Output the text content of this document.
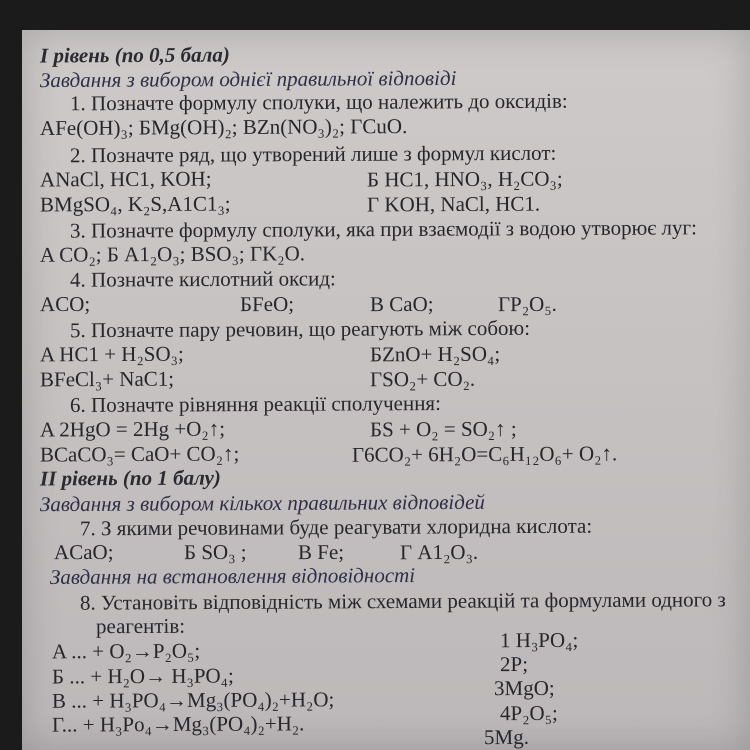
I рівень (по 0,5 бала)
Завдання з вибором однієї правильної відповіді
1. Позначте формулу сполуки, що належить до оксидів:
AFe(OH)₃; БMg(OH)₂; BZn(NO₃)₂; ГCuO.
2. Позначте ряд, що утворений лише з формул кислот:
ANaCl, HC1, KOH;	Б HC1, HNO₃, H₂CO₃;
BMgSO₄, K₂S,A1C1₃;	Г KOH, NaCl, HC1.
3. Позначте формулу сполуки, яка при взаємодії з водою утворює луг:
A CO₂; Б A1₂O₃; BSO₃; ГK₂O.
4. Позначте кислотний оксид:
ACO;	БFeO;	B CaO;	ГP₂O₅.
5. Позначте пару речовин, що реагують між собою:
A HC1 + H₂SO₃;	БZnO+ H₂SO₄;
BFeCl₃+ NaC1;	ГSO₂+ CO₂.
6. Позначте рівняння реакції сполучення:
A 2HgO = 2Hg +O₂↑;	БS + O₂ = SO₂↑ ;
BCaCO₃= CaO+ CO₂↑;	Г6CO₂+ 6H₂O=C₆H₁₂O₆+ O₂↑.
II рівень (по 1 балу)
Завдання з вибором кількох правильних відповідей
7. З якими речовинами буде реагувати хлоридна кислота:
ACaO;	Б SO₃ ; B Fe;	Г A1₂O₃.
Завдання на встановлення відповідності
8. Установіть відповідність між схемами реакцій та формулами одного з
реагентів:
A ... + O₂→P₂O₅;
Б ... + H₂O→ H₃PO₄;
B ... + H₃PO₄→Mg₃(PO₄)₂+H₂O;
Г... + H₃Po₄→Mg₃(PO₄)₂+H₂.
1 H₃PO₄;
2P;
3MgO;
4P₂O₅;
5Mg.
